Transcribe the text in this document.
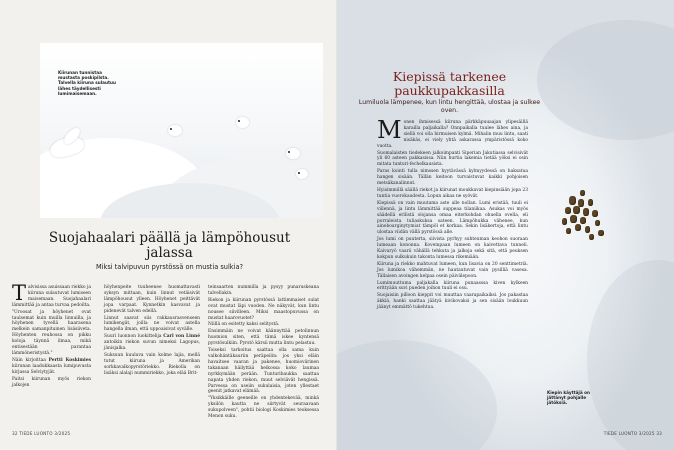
Kiirunan tunnistaa mustasta poskipilsta. Talvella kiiruna sulautuu lähes täydellisesti lumimaisemaan.
Suojahaalari päällä ja lämpöhousut jalassa
Miksi talvipuvun pyrstössä on mustia sulkia?

Talvisissa asuissaan riekko ja kiiruna sulautuvat lumiseen maisemaan. Suojahaalari lämmittää ja antaa turvaa pedoilta.

"Uroosat ja höyhenet ovat taulsemat kuin muilla linnuilla, ja höyhenen tyvellä haarasena melkein samanpituinen lisäsiiveta. Höyhenten reuhossa on pikku koloja täynnä ilmaa, mikä entisestään parantaa lämmöneristystä."

Näin kirjoittaa Pertti Koskimies kiirunan laadukkaasta lumipuvusta kirjassa Selviytyjät.

Paitsi kiirunan myös riekon jalkojen

höyhenpeite tuuheenee huomattavasti syksyn mittaan, kuin linnut vetäisivät lämpöhousut ylleen. Höyhenet peittävät jopa varpaat. Kynnetkin kasvavat ja pidenevät talven edellä.

Linnut saavat siis rakkausrasvenseen lumikengät, joilla ne voivat astella hangella ilman, että uppoaisivat syvälle.

Suuri luonnon luokittelija Carl von Linné antoikin riekon suvun nimeksi Lagopus, jänisjalka.

Suksuun kuuluva vain kolme lajia, mellä tutut kiiruna ja Amerikan sorkkavalkopyrstöriekko. Riekolla on lisäksi alalaji nummiriekko, joka elää Brit-

teinsaarten nummilla ja pysyy punaruskeana talvellakin.

Riekon ja kiirunan pyrstössä lattimmaiset sulat ovat mustat läpi vuoden. Ne näkyvät, kun lintu nousee siivilleen. Miksi maastopuvussa on mustat haarovuotet?

Niillä on esitetty kaksi selitystä.

Ensimmäin ne voivat käännyttää petolinnun huomion siten, että tämä iskee kyntensä pyrstösulkiin. Pyrstö kärsii mutta lintu pelastuu.

Toiseksi tarkoitus saattaa olla sama kuin valkohäntäkauriin peräpeilin: jos yksi eläin havaitsee vaaran ja pakenee, huomiovärinen takanaan häilyttää heikossa koko laumaa nyrkkymään perään. Tunturihaukka saattaa napata yhden riekon, muut selviävät hengissä. Parvessa on useiin sukulaisia, joten yllestaet geenit jatkavat elämää.

"Yksikkäille geeneille on yhdentekevää, minkä yksilön kautta ne siirtyvät seuraavaan sukupolveen", pohtii biologi Koskimies teoksessa Menon suku.

32 TIEDE LUONTO 3/2025
Kiepissä tarkenee paukkupakkasilla
Lumiluola lämpenee, kun lintu hengittää, ulostaa ja sulkee oven.

Monen ihmisessä kiiruna pärkkäpuuaajan ylipesäillä karailla paljaikalla? Onnpaikalla tuulee lähes aina, ja siellä voi olla hirmuisen kylmä. Mihalin muu lintu, saati nisäkäs, ei viely yhtä askarassa ympäristössä koko vuotta.

Suomalaisten tiedekeen jalkoimpanti Siperian Jakutiassa selvisivät yli 60 asteen pakkasissa. Niin hurtia lakemia tietää yöksi ei osin mitata tunturi-fechelkausista.

Paras kointi tulla nimssen hyytävässä kylmyydessä on haksatua hangen sisään. Tällän keitoon turvaistuvat kaikki pohjoisen metsäkanalinnut.

Hyisimmillä säällä riekot ja kiirunat moukkavat kiepinsiään jopa 23 tuntia vuorokaudesta. Lopun aikaa ne syövät.

Kiepissä on vain muutama aste alle nollan. Lumi eristää, tuuli ei viilennä, ja lintu lämmittää suppeaa tilaniikaa. Asukas voi myös säädellä erilistä olojansa omaa eiterkohdan ohuella ovella, eli porraleista tuliaskuksa sateen. Lämpöhukka vähenee, kun aineboarginytymiat tämpöl et korkaa. Sekin lisäkertoja, että lintu ulostaa viidän vällä pyrstössä alle.

Jos lumi on puuterta, siivista pyrhyy suhteuman keohon suoraan lumeaan kononna. Kovempaan lumeen on kaivettava tunneli. Kaivaryö vaarii vähällä tehkuta ja jalkoja sekä sitä, että peuksen kokpun sulkukuin takonta lumessa rikemiään.

Kiiruna ja riekko mahtuvat lumeen, kun lisavia on 20 senttimetriä. Jos lumikoa vähemmän, ne hautautuvat vain pysilliä vasesa. Tällaisen avoingen kelpaa osein päivälepoon.

Lumimuuttuma paljakalla kiiruna punaasssa kiven kylkeen erittyään suvi pueden joihon tuuli ei osu.

Suojaisiin pilloon kieppit voi muuttaa vaarapaikaiksi. Jos pakastaa äkkiä, hanki saattaa jäätyä kivikovaksi ja sen sisään loukkuun jäänyt emmättö tukehtua.

Kiepin käyttäjä on jättänyt pohjalle jätöksiä.
TIEDE LUONTO 3/2025 33
